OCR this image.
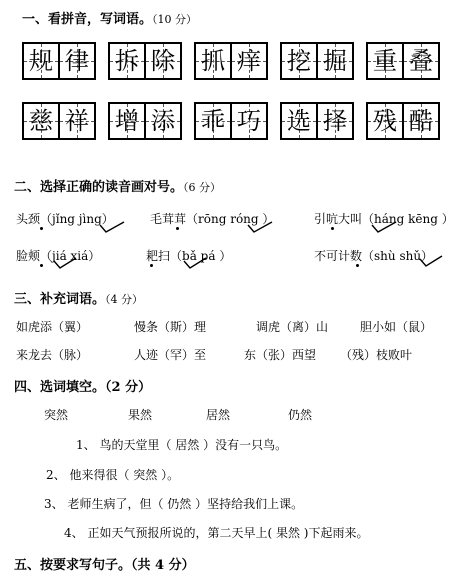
一、看拼音，写词语。（10 分）
规 律 拆 除 抓 痒 挖 掘 重 叠
慈 祥 增 添 乖 巧 选 择 残 酷
二、选择正确的读音画对号。（6 分）
头颈（jǐng jìng）	毛茸茸（rōng róng ）	引吭大叫（háng kēng ）
脸颊（jiá xiá）	耙扫（bǎ pá ）	不可计数（shù shǔ）
三、补充词语。（4 分）
如虎添（翼）	慢条（斯）理	调虎（离）山	胆小如（鼠）
来龙去（脉）	人迹（罕）至	东（张）西望 （残）枝败叶
四、选词填空。（2 分）
突然	果然	居然	仍然
1、 鸟的天堂里（ 居然 ）没有一只鸟。
2、 他来得很（ 突然 ）。
3、 老师生病了，但（ 仍然 ）坚持给我们上课。
4、 正如天气预报所说的，第二天早上( 果然 )下起雨来。
五、按要求写句子。（共 4 分）
